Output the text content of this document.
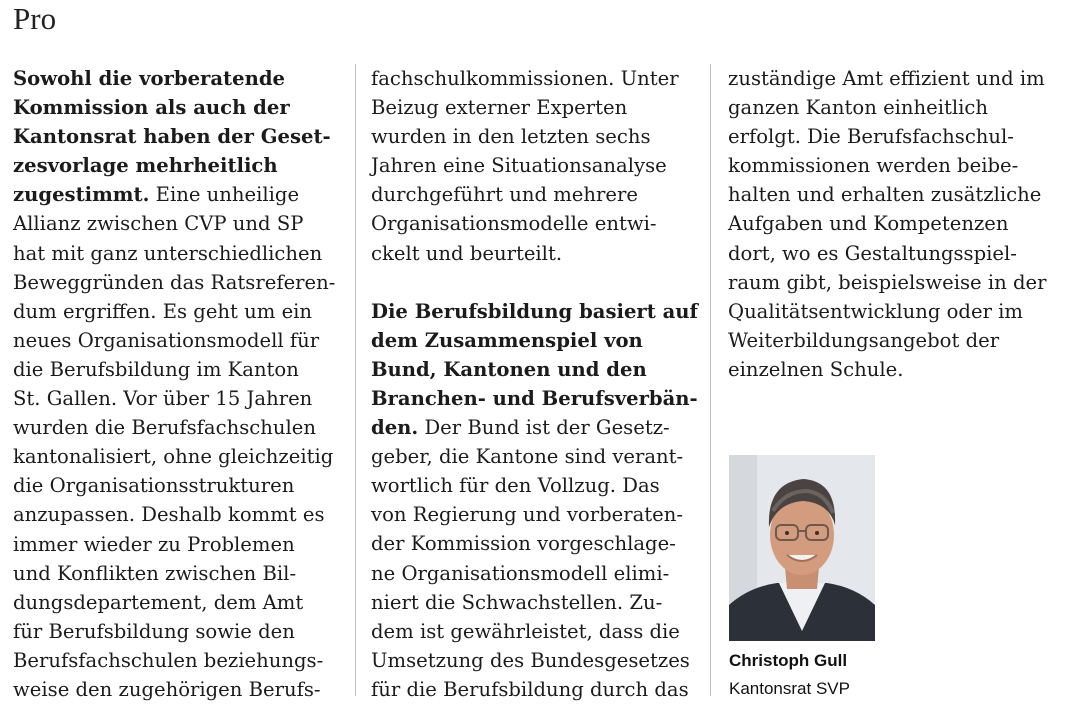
Pro
Sowohl die vorberatende
Kommission als auch der
Kantonsrat haben der Geset-
zesvorlage mehrheitlich
zugestimmt. Eine unheilige
Allianz zwischen CVP und SP
hat mit ganz unterschiedlichen
Beweggründen das Ratsreferen-
dum ergriffen. Es geht um ein
neues Organisationsmodell für
die Berufsbildung im Kanton
St. Gallen. Vor über 15 Jahren
wurden die Berufsfachschulen
kantonalisiert, ohne gleichzeitig
die Organisationsstrukturen
anzupassen. Deshalb kommt es
immer wieder zu Problemen
und Konflikten zwischen Bil-
dungsdepartement, dem Amt
für Berufsbildung sowie den
Berufsfachschulen beziehungs-
weise den zugehörigen Berufs-
fachschulkommissionen. Unter
Beizug externer Experten
wurden in den letzten sechs
Jahren eine Situationsanalyse
durchgeführt und mehrere
Organisationsmodelle entwi-
ckelt und beurteilt.
Die Berufsbildung basiert auf
dem Zusammenspiel von
Bund, Kantonen und den
Branchen- und Berufsverbän-
den. Der Bund ist der Gesetz-
geber, die Kantone sind verant-
wortlich für den Vollzug. Das
von Regierung und vorberaten-
der Kommission vorgeschlage-
ne Organisationsmodell elimi-
niert die Schwachstellen. Zu-
dem ist gewährleistet, dass die
Umsetzung des Bundesgesetzes
für die Berufsbildung durch das
zuständige Amt effizient und im
ganzen Kanton einheitlich
erfolgt. Die Berufsfachschul-
kommissionen werden beibe-
halten und erhalten zusätzliche
Aufgaben und Kompetenzen
dort, wo es Gestaltungsspiel-
raum gibt, beispielsweise in der
Qualitätsentwicklung oder im
Weiterbildungsangebot der
einzelnen Schule.
Christoph Gull
Kantonsrat SVP
